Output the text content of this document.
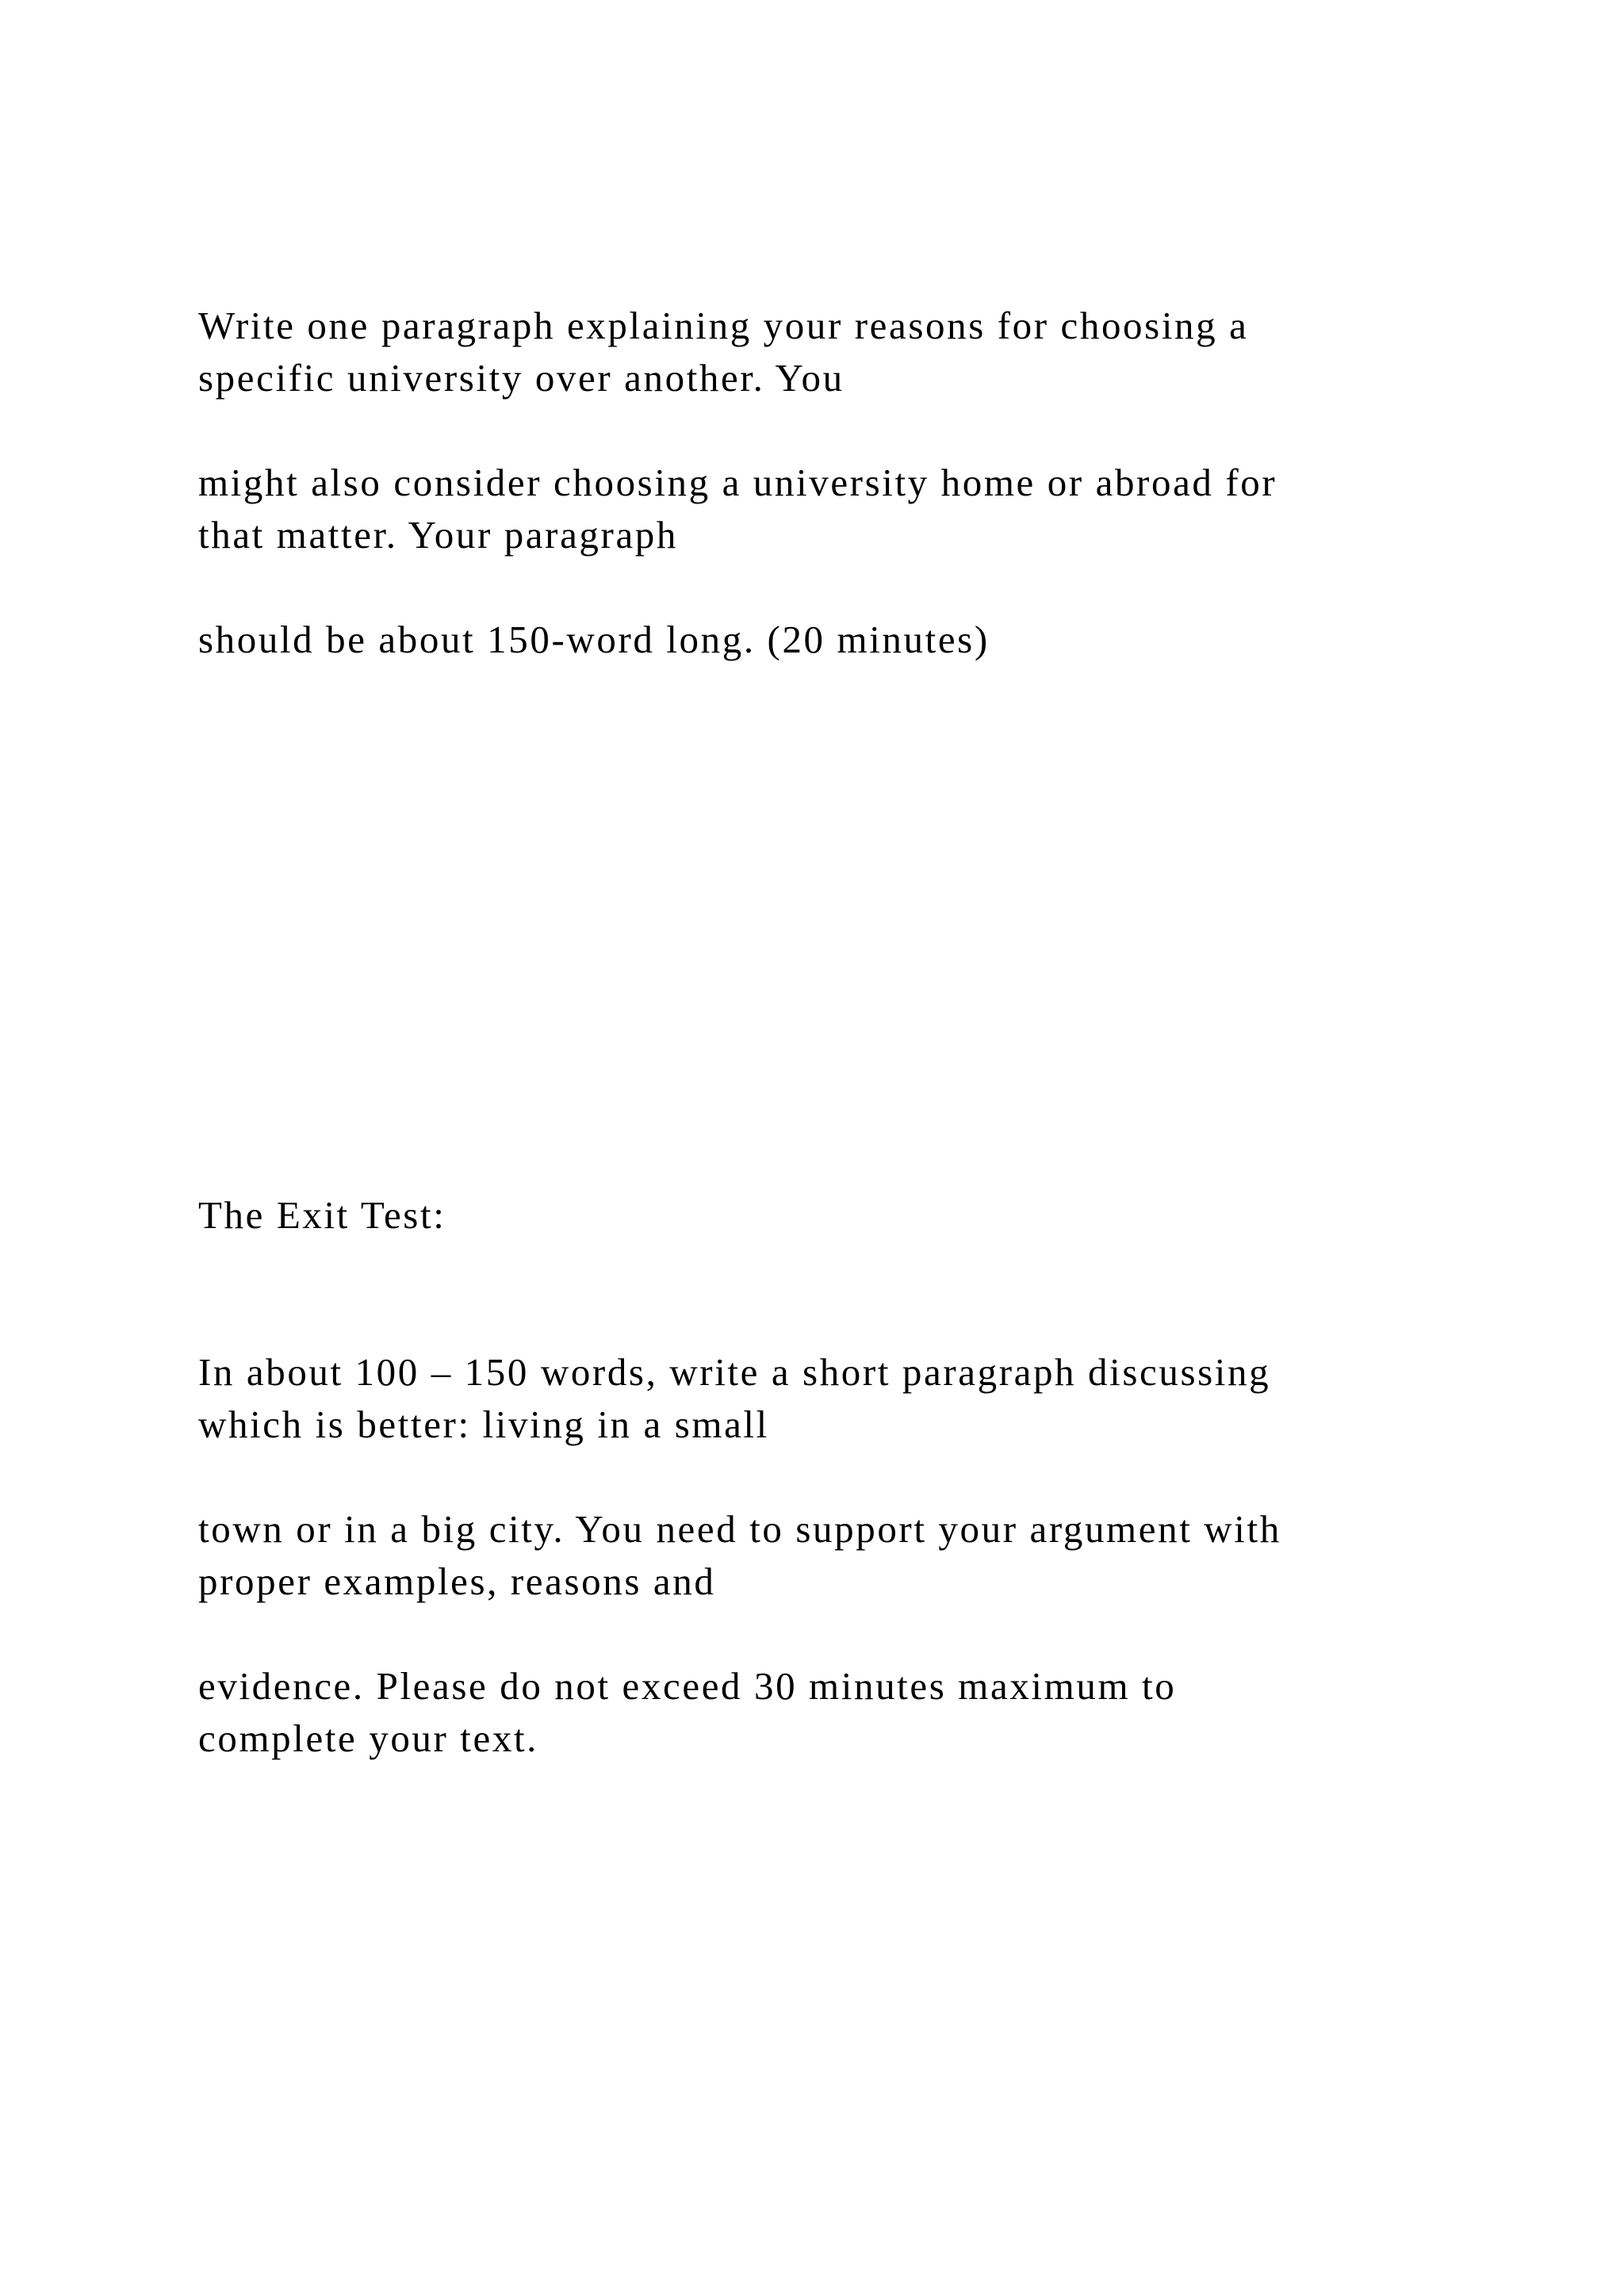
Write one paragraph explaining your reasons for choosing a

specific university over another. You

might also consider choosing a university home or abroad for

that matter. Your paragraph

should be about 150-word long. (20 minutes)

The Exit Test:

In about 100 – 150 words, write a short paragraph discussing

which is better: living in a small

town or in a big city. You need to support your argument with

proper examples, reasons and

evidence. Please do not exceed 30 minutes maximum to

complete your text.
